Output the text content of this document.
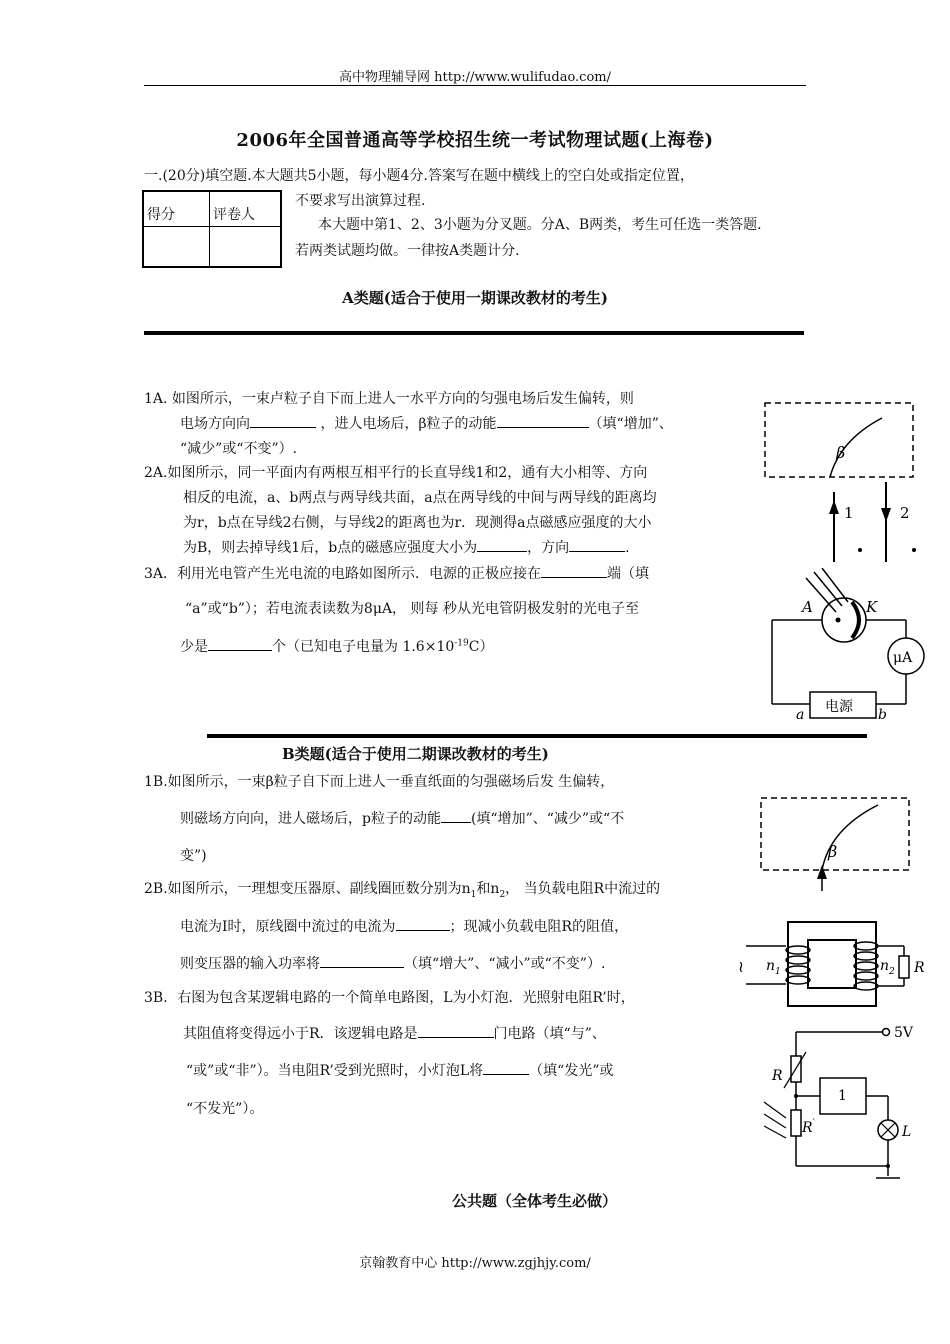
高中物理辅导网 http://www.wulifudao.com/
2006年全国普通高等学校招生统一考试物理试题(上海卷)
一.(20分)填空题.本大题共5小题，每小题4分.答案写在题中横线上的空白处或指定位置，
不要求写出演算过程.
本大题中第1、2、3小题为分叉题。分A、B两类，考生可任选一类答题.
若两类试题均做。一律按A类题计分.
得分	评卷人
A类题(适合于使用一期课改教材的考生)
1A. 如图所示，一束卢粒子自下而上进人一水平方向的匀强电场后发生偏转，则
电场方向向	，进人电场后，β粒子的动能	（填“增加”、
“减少”或“不变”）.
2A.如图所示，同一平面内有两根互相平行的长直导线1和2，通有大小相等、方向
相反的电流，a、b两点与两导线共面，a点在两导线的中间与两导线的距离均
为r，b点在导线2右侧，与导线2的距离也为r．现测得a点磁感应强度的大小
为B，则去掉导线1后，b点的磁感应强度大小为	，方向	.
3A．利用光电管产生光电流的电路如图所示．电源的正极应接在	端（填
“a”或“b”）；若电流表读数为8μA， 则每 秒从光电管阴极发射的光电子至
少是	个（已知电子电量为 $1.6\times 10^{-19}C$）
β
1	2
A	K
μA
电源
a	b
B类题(适合于使用二期课改教材的考生)
1B.如图所示，一束β粒子自下而上进人一垂直纸面的匀强磁场后发 生偏转，
则磁场方向向，进人磁场后，p粒子的动能 (填“增加”、“减少”或“不
变”)
2B.如图所示，一理想变压器原、副线圈匝数分别为$n_1$和$n_2$， 当负载电阻R中流过的
电流为I时，原线圈中流过的电流为	；现减小负载电阻R的阻值，
则变压器的输入功率将	（填“增大”、“减小”或“不变”）.
3B．右图为包含某逻辑电路的一个简单电路图，L为小灯泡．光照射电阻R’时，
其阻值将变得远小于R．该逻辑电路是	门电路（填“与”、
“或”或“非”）。当电阻R’受到光照时，小灯泡L将	（填“发光”或
“不发光”）。
β
≀ $n_1$	$n_2$ R
5V
R
1
L
R′
公共题（全体考生必做）
京翰教育中心 http://www.zgjhjy.com/
